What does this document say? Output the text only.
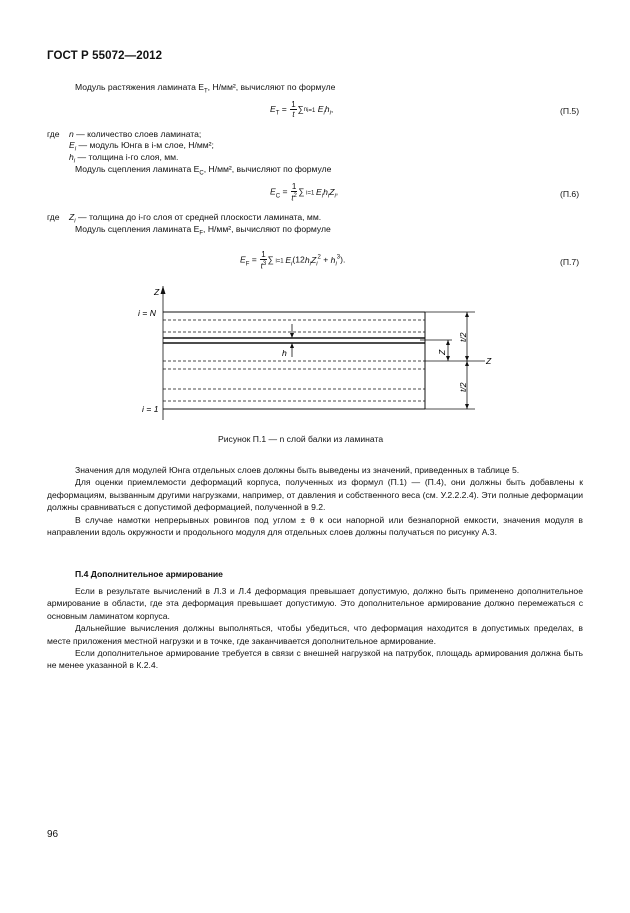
ГОСТ Р 55072—2012
Модуль растяжения ламината $E_T$, Н/мм², вычисляют по формуле
$E_T = \frac{1}{t} \sum_{^n}i=1$ $E_ih_i$,	(П.5)
где n — количество слоев ламината;
$E_i$ — модуль Юнга в i-м слое, Н/мм²;
$h_i$ — толщина i-го слоя, мм.
Модуль сцепления ламината $E_C$, Н/мм², вычисляют по формуле
$E_C = \frac{1}{t^2}$ ∑ i=1 $E_ih_iZ_i$,	(П.6)
где $Z_i$ — толщина до i-го слоя от средней плоскости ламината, мм.
Модуль сцепления ламината $E_F$, Н/мм², вычисляют по формуле
$E_F = \frac{1}{t^3}$ ∑ i=1 $E_i(12h_iZ_i^2 + h_i^3)$.	(П.7)
Z
i = N
i = 1
h
Z
Z
t/2
t/2
Рисунок П.1 — n слой балки из ламината

Значения для модулей Юнга отдельных слоев должны быть выведены из значений, приведенных в таблице 5.

Для оценки приемлемости деформаций корпуса, полученных из формул (П.1) — (П.4), они должны быть добавлены к деформациям, вызванным другими нагрузками, например, от давления и собственного веса (см. У.2.2.2.4). Эти полные деформации должны сравниваться с допустимой деформацией, полученной в 9.2.

В случае намотки непрерывных ровингов под углом ± θ к оси напорной или безнапорной емкости, значения модуля в направлении вдоль окружности и продольного модуля для отдельных слоев должны получаться по рисунку А.3.

П.4 Дополнительное армирование

Если в результате вычислений в Л.3 и Л.4 деформация превышает допустимую, должно быть применено дополнительное армирование в области, где эта деформация превышает допустимую. Это дополнительное армирование должно перемежаться с основным ламинатом корпуса.

Дальнейшие вычисления должны выполняться, чтобы убедиться, что деформация находится в допустимых пределах, в месте приложения местной нагрузки и в точке, где заканчивается дополнительное армирование.

Если дополнительное армирование требуется в связи с внешней нагрузкой на патрубок, площадь армирования должна быть не менее указанной в К.2.4.

96
